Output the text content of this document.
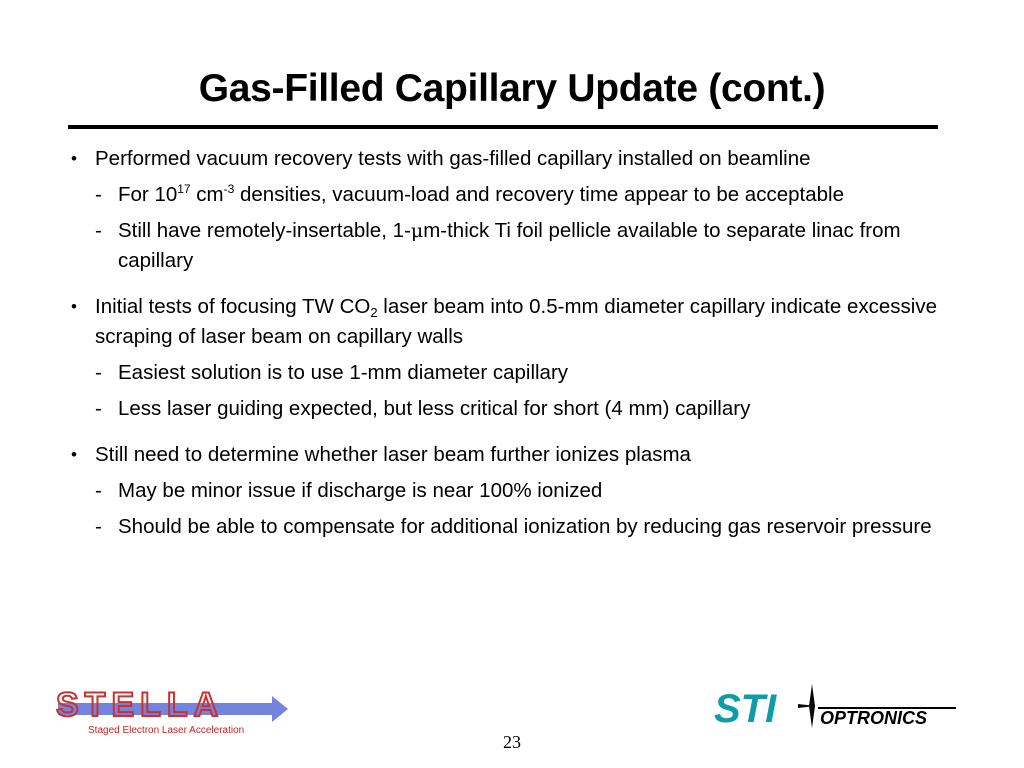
Gas-Filled Capillary Update (cont.)

• Performed vacuum recovery tests with gas-filled capillary installed on beamline

- For $10^{17}$ $cm^{-3}$ densities, vacuum-load and recovery time appear to be acceptable

- Still have remotely-insertable, 1-μm-thick Ti foil pellicle available to separate linac from capillary

• Initial tests of focusing TW $CO_2$ laser beam into 0.5-mm diameter capillary indicate excessive scraping of laser beam on capillary walls

- Easiest solution is to use 1-mm diameter capillary

- Less laser guiding expected, but less critical for short (4 mm) capillary

• Still need to determine whether laser beam further ionizes plasma

- May be minor issue if discharge is near 100% ionized

- Should be able to compensate for additional ionization by reducing gas reservoir pressure

STELLA
Staged Electron Laser Acceleration	STI OPTRONICS
23
